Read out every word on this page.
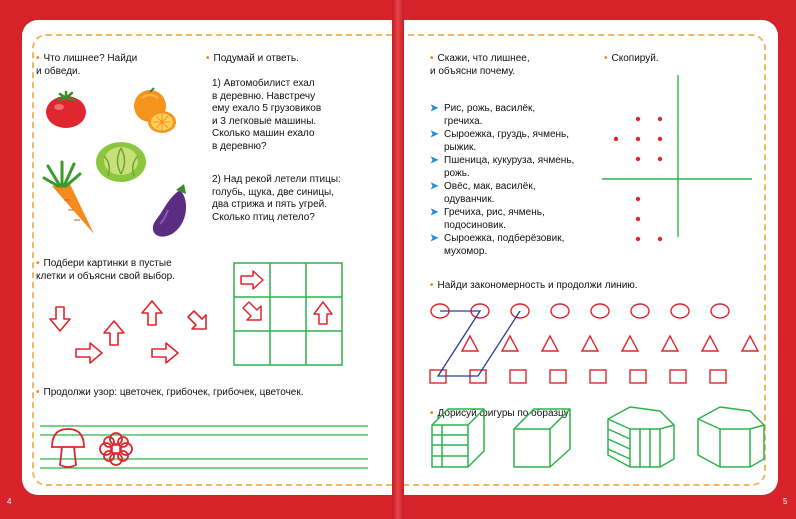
• Что лишнее? Найди
и обведи.
• Подумай и ответь.
1) Автомобилист ехал
в деревню. Навстречу
ему ехало 5 грузовиков
и 3 легковые машины.
Сколько машин ехало
в деревню?
2) Над рекой летели птицы:
голубь, щука, две синицы,
два стрижа и пять угрей.
Сколько птиц летело?
• Подбери картинки в пустые
клетки и объясни свой выбор.
• Продолжи узор: цветочек, грибочек, грибочек, цветочек.
• Скажи, что лишнее,
и объясни почему.
➤ Рис, рожь, василёк,
гречиха.
➤ Сыроежка, груздь, ячмень,
рыжик.
➤ Пшеница, кукуруза, ячмень,
рожь.
➤ Овёс, мак, василёк,
одуванчик.
➤ Гречиха, рис, ячмень,
подосиновик.
➤ Сыроежка, подберёзовик,
мухомор.
• Скопируй.
• Найди закономерность и продолжи линию.
• Дорисуй фигуры по образцу:
4	5
